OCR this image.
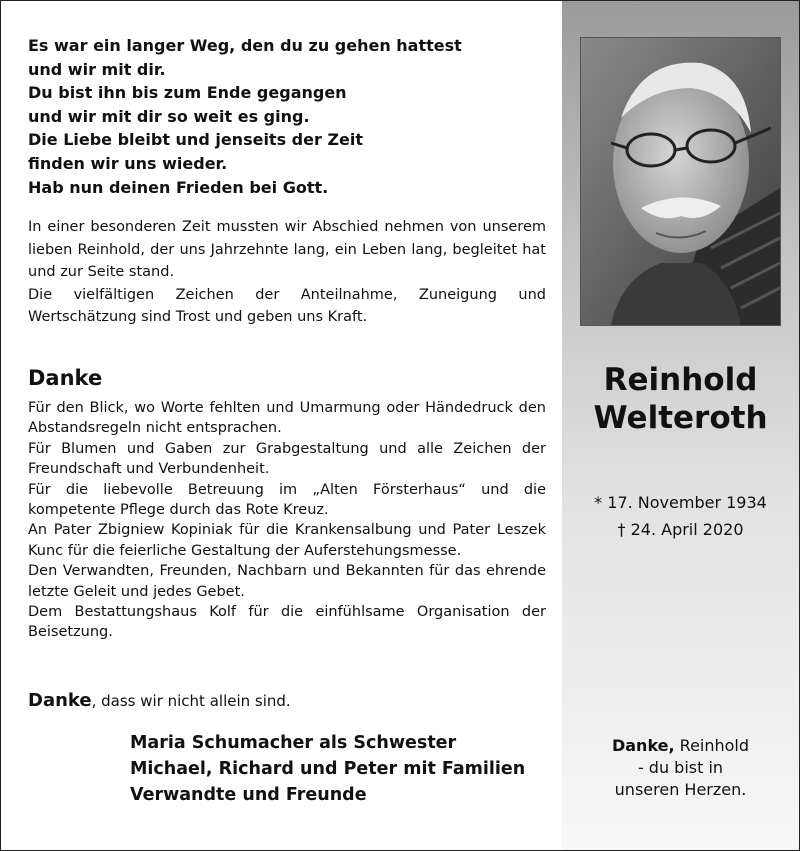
Es war ein langer Weg, den du zu gehen hattest
und wir mit dir.
Du bist ihn bis zum Ende gegangen
und wir mit dir so weit es ging.
Die Liebe bleibt und jenseits der Zeit
finden wir uns wieder.
Hab nun deinen Frieden bei Gott.
In einer besonderen Zeit mussten wir Abschied nehmen von unserem lieben Reinhold, der uns Jahrzehnte lang, ein Leben lang, begleitet hat und zur Seite stand.
Die vielfältigen Zeichen der Anteilnahme, Zuneigung und Wertschätzung sind Trost und geben uns Kraft.
Danke

Für den Blick, wo Worte fehlten und Umarmung oder Händedruck den Abstandsregeln nicht entsprachen.

Für Blumen und Gaben zur Grabgestaltung und alle Zeichen der Freundschaft und Verbundenheit.

Für die liebevolle Betreuung im „Alten Försterhaus“ und die kompetente Pflege durch das Rote Kreuz.

An Pater Zbigniew Kopiniak für die Krankensalbung und Pater Leszek Kunc für die feierliche Gestaltung der Auferstehungsmesse.

Den Verwandten, Freunden, Nachbarn und Bekannten für das ehrende letzte Geleit und jedes Gebet.

Dem Bestattungshaus Kolf für die einfühlsame Organisation der Beisetzung.

Danke, dass wir nicht allein sind.
Maria Schumacher als Schwester
Michael, Richard und Peter mit Familien
Verwandte und Freunde
Reinhold
Welteroth
* 17. November 1934
† 24. April 2020
Danke, Reinhold
- du bist in
unseren Herzen.
